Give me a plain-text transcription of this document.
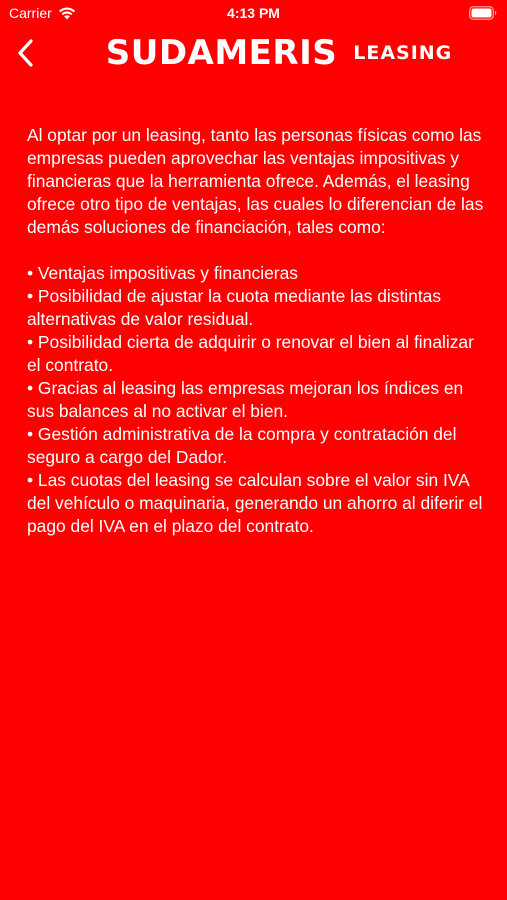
Carrier	4:13 PM
SUDAMERIS LEASING

Al optar por un leasing, tanto las personas físicas como las empresas pueden aprovechar las ventajas impositivas y financieras que la herramienta ofrece. Además, el leasing ofrece otro tipo de ventajas, las cuales lo diferencian de las demás soluciones de financiación, tales como:

• Ventajas impositivas y financieras
• Posibilidad de ajustar la cuota mediante las distintas alternativas de valor residual.
• Posibilidad cierta de adquirir o renovar el bien al finalizar el contrato.
• Gracias al leasing las empresas mejoran los índices en sus balances al no activar el bien.
• Gestión administrativa de la compra y contratación del seguro a cargo del Dador.
• Las cuotas del leasing se calculan sobre el valor sin IVA del vehículo o maquinaria, generando un ahorro al diferir el pago del IVA en el plazo del contrato.
